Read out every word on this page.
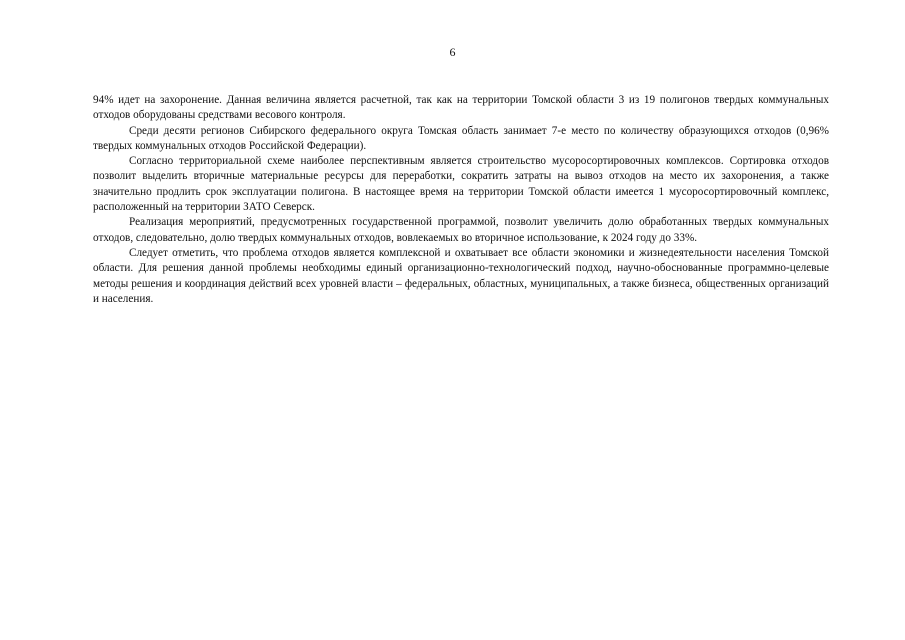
6

94% идет на захоронение. Данная величина является расчетной, так как на территории Томской области 3 из 19 полигонов твердых коммунальных отходов оборудованы средствами весового контроля.

Среди десяти регионов Сибирского федерального округа Томская область занимает 7-е место по количеству образующихся отходов (0,96% твердых коммунальных отходов Российской Федерации).

Согласно территориальной схеме наиболее перспективным является строительство мусоросортировочных комплексов. Сортировка отходов позволит выделить вторичные материальные ресурсы для переработки, сократить затраты на вывоз отходов на место их захоронения, а также значительно продлить срок эксплуатации полигона. В настоящее время на территории Томской области имеется 1 мусоросортировочный комплекс, расположенный на территории ЗАТО Северск.

Реализация мероприятий, предусмотренных государственной программой, позволит увеличить долю обработанных твердых коммунальных отходов, следовательно, долю твердых коммунальных отходов, вовлекаемых во вторичное использование, к 2024 году до 33%.

Следует отметить, что проблема отходов является комплексной и охватывает все области экономики и жизнедеятельности населения Томской области. Для решения данной проблемы необходимы единый организационно-технологический подход, научно-обоснованные программно-целевые методы решения и координация действий всех уровней власти – федеральных, областных, муниципальных, а также бизнеса, общественных организаций и населения.
